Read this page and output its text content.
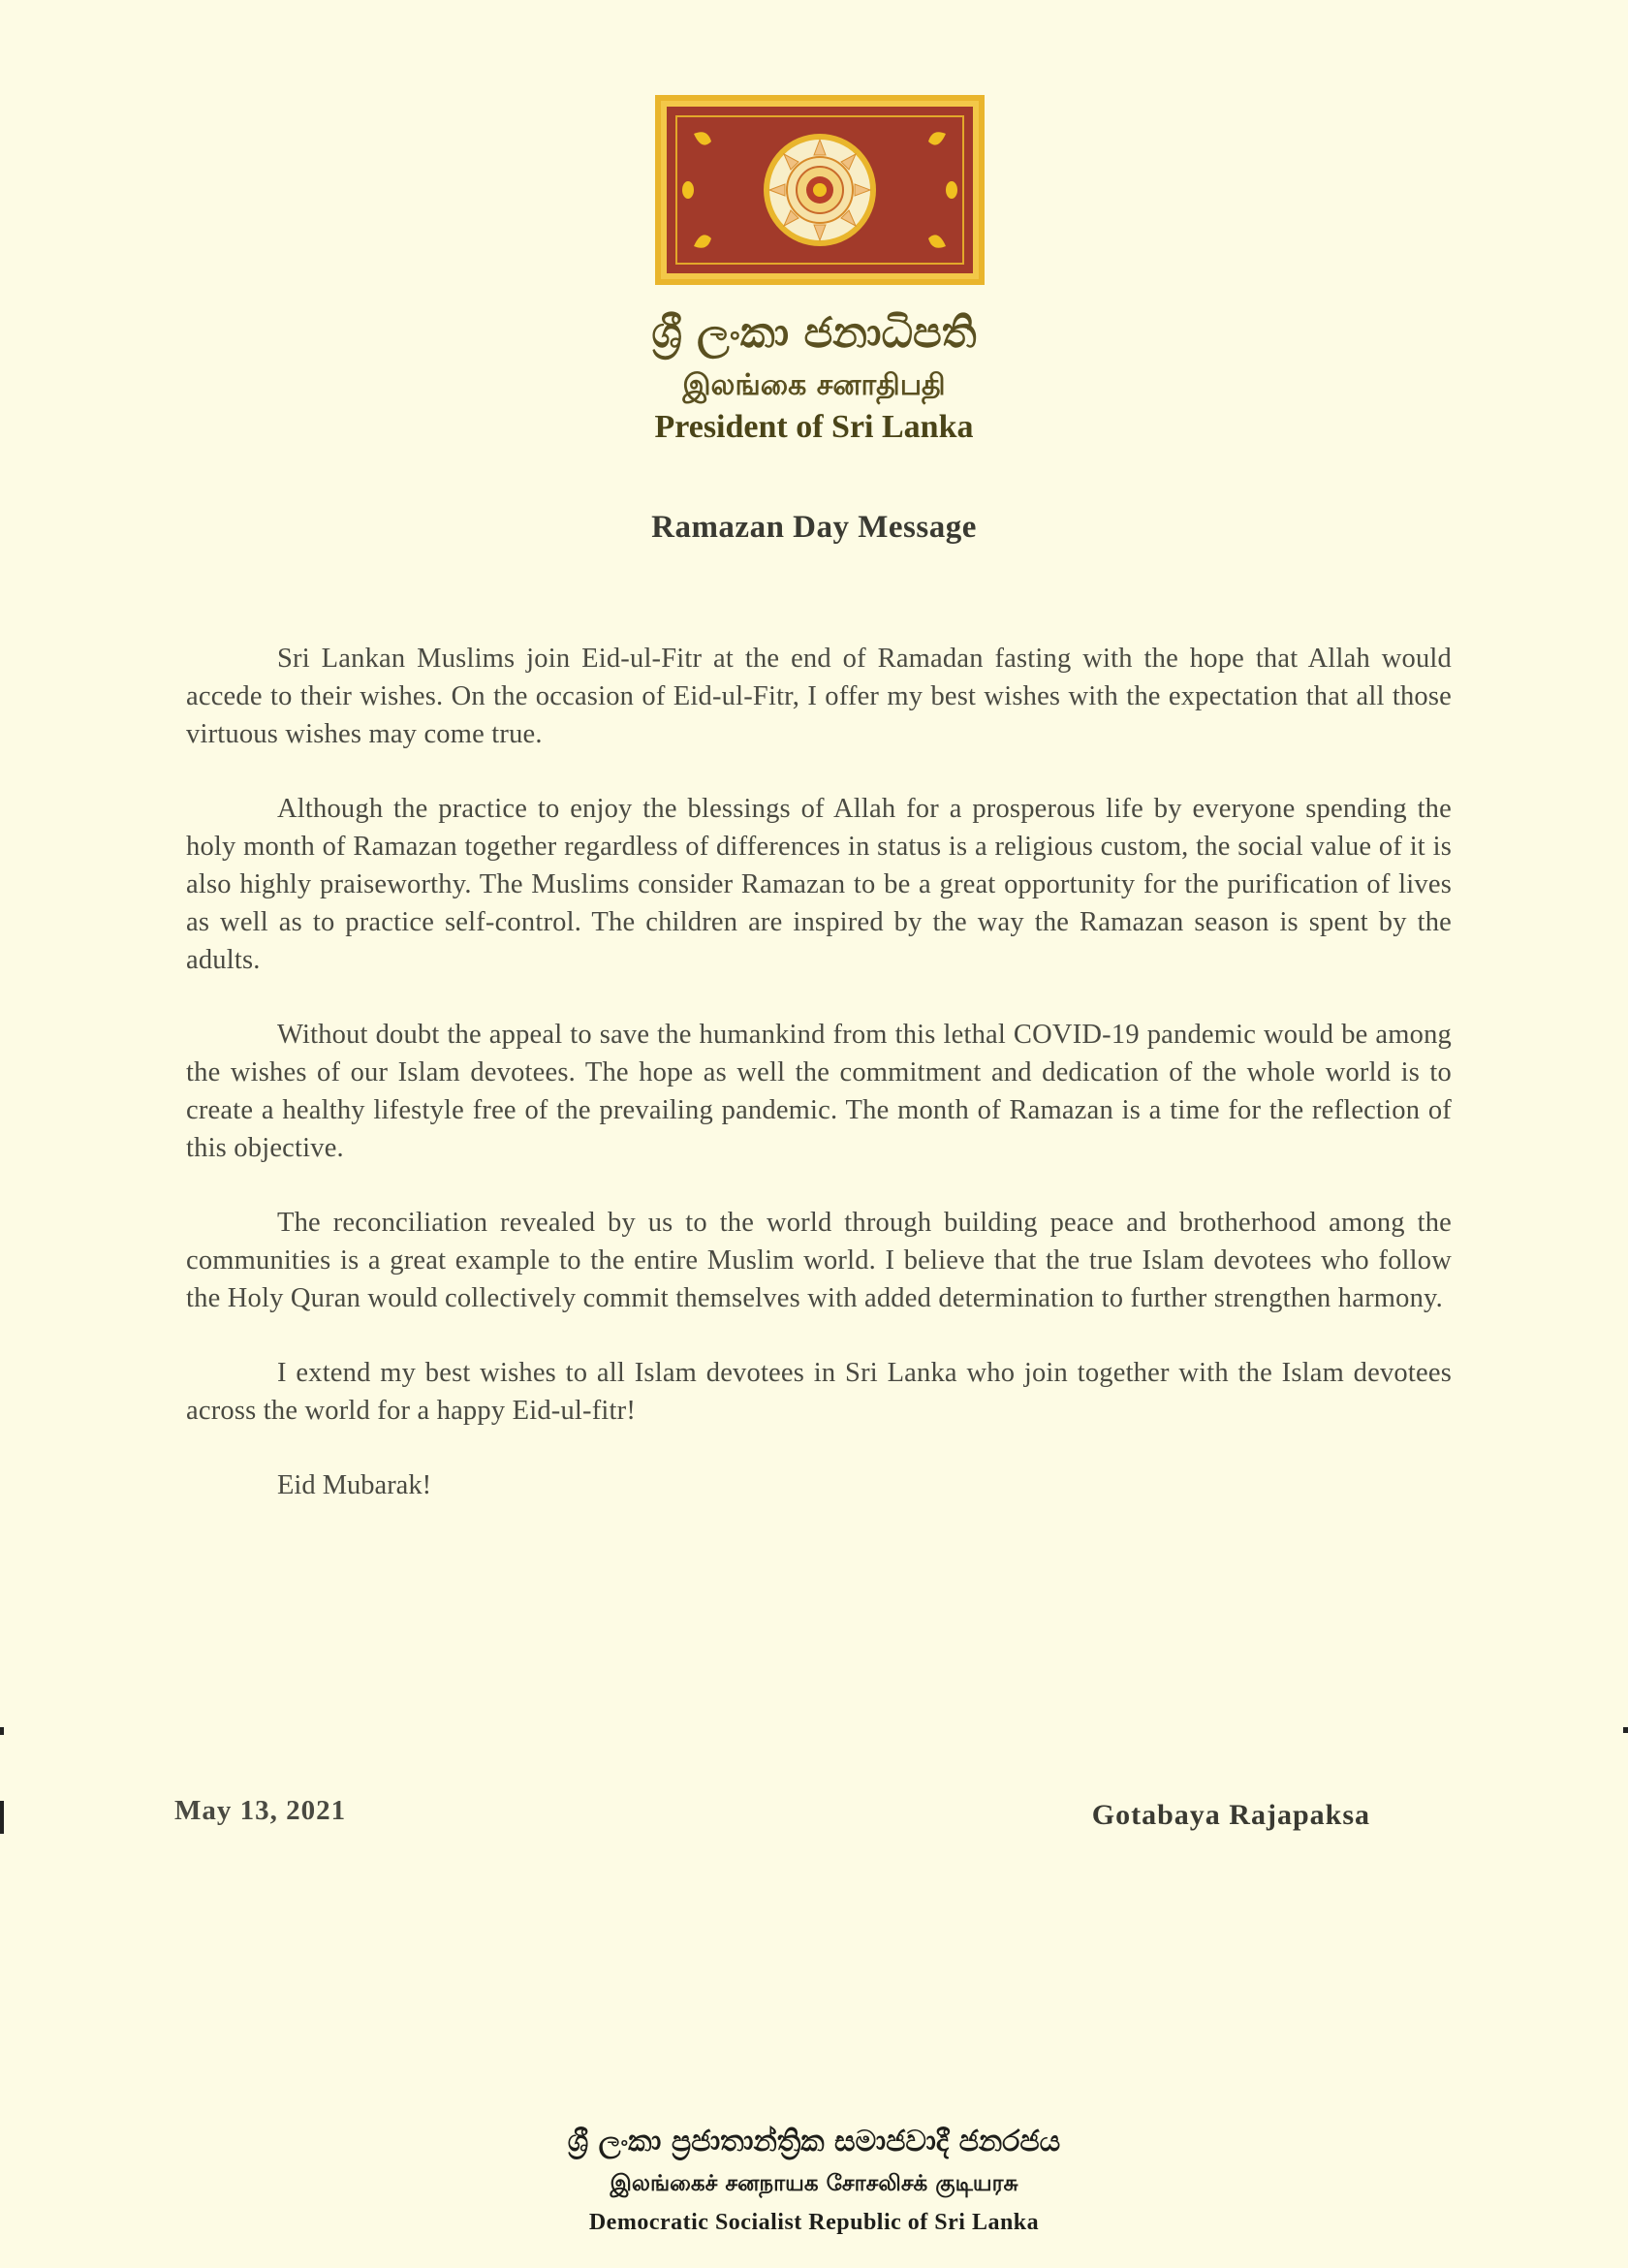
ශ්‍රී ලංකා ජනාධිපති
இலங்கை சனாதிபதி
President of Sri Lanka
Ramazan Day Message

Sri Lankan Muslims join Eid-ul-Fitr at the end of Ramadan fasting with the hope that Allah would accede to their wishes. On the occasion of Eid-ul-Fitr, I offer my best wishes with the expectation that all those virtuous wishes may come true.

Although the practice to enjoy the blessings of Allah for a prosperous life by everyone spending the holy month of Ramazan together regardless of differences in status is a religious custom, the social value of it is also highly praiseworthy. The Muslims consider Ramazan to be a great opportunity for the purification of lives as well as to practice self-control. The children are inspired by the way the Ramazan season is spent by the adults.

Without doubt the appeal to save the humankind from this lethal COVID-19 pandemic would be among the wishes of our Islam devotees. The hope as well the commitment and dedication of the whole world is to create a healthy lifestyle free of the prevailing pandemic. The month of Ramazan is a time for the reflection of this objective.

The reconciliation revealed by us to the world through building peace and brotherhood among the communities is a great example to the entire Muslim world. I believe that the true Islam devotees who follow the Holy Quran would collectively commit themselves with added determination to further strengthen harmony.

I extend my best wishes to all Islam devotees in Sri Lanka who join together with the Islam devotees across the world for a happy Eid-ul-fitr!

Eid Mubarak!

May 13, 2021	Gotabaya Rajapaksa
ශ්‍රී ලංකා ප්‍රජාතාන්ත්‍රික සමාජවාදී ජනරජය
இலங்கைச் சனநாயக சோசலிசக் குடியரசு
Democratic Socialist Republic of Sri Lanka
